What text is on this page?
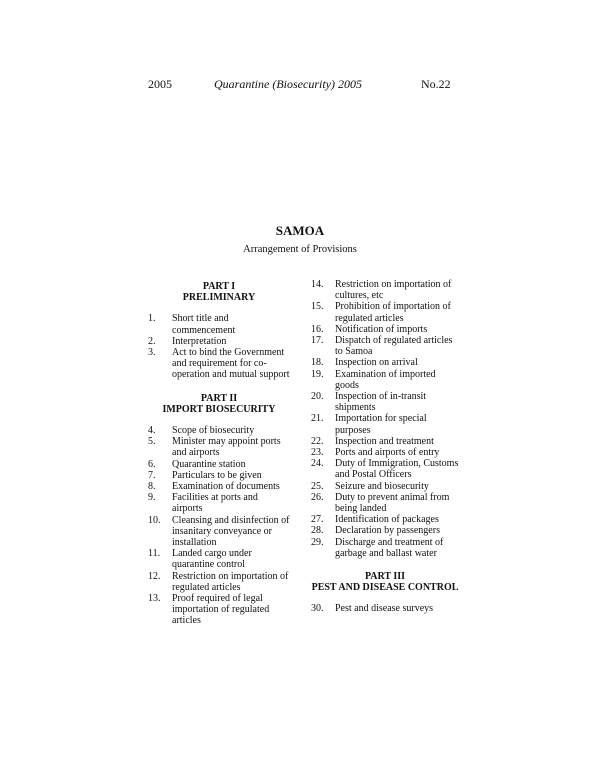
2005	Quarantine (Biosecurity) 2005	No.22
SAMOA
Arrangement of Provisions
PART I
PRELIMINARY
1. Short title and commencement
2. Interpretation
3. Act to bind the Government and requirement for co-operation and mutual support
PART II
IMPORT BIOSECURITY
4. Scope of biosecurity
5. Minister may appoint ports and airports
6. Quarantine station
7. Particulars to be given
8. Examination of documents
9. Facilities at ports and airports
10. Cleansing and disinfection of insanitary conveyance or installation
11. Landed cargo under quarantine control
12. Restriction on importation of regulated articles
13. Proof required of legal importation of regulated articles
14. Restriction on importation of cultures, etc
15. Prohibition of importation of regulated articles
16. Notification of imports
17. Dispatch of regulated articles to Samoa
18. Inspection on arrival
19. Examination of imported goods
20. Inspection of in-transit shipments
21. Importation for special purposes
22. Inspection and treatment
23. Ports and airports of entry
24. Duty of Immigration, Customs and Postal Officers
25. Seizure and biosecurity
26. Duty to prevent animal from being landed
27. Identification of packages
28. Declaration by passengers
29. Discharge and treatment of garbage and ballast water
PART III
PEST AND DISEASE CONTROL
30. Pest and disease surveys
